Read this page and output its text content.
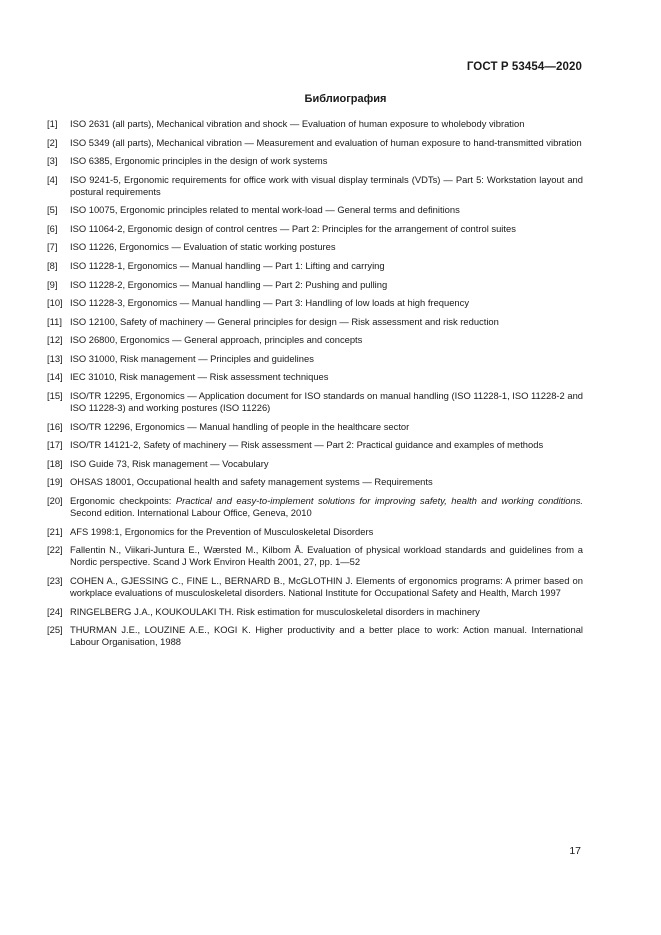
ГОСТ Р 53454—2020
Библиография
[1]	ISO 2631 (all parts), Mechanical vibration and shock — Evaluation of human exposure to wholebody vibration
[2]	ISO 5349 (all parts), Mechanical vibration — Measurement and evaluation of human exposure to hand-transmitted vibration
[3]	ISO 6385, Ergonomic principles in the design of work systems
[4]	ISO 9241-5, Ergonomic requirements for office work with visual display terminals (VDTs) — Part 5: Workstation layout and postural requirements
[5]	ISO 10075, Ergonomic principles related to mental work-load — General terms and definitions
[6]	ISO 11064-2, Ergonomic design of control centres — Part 2: Principles for the arrangement of control suites
[7]	ISO 11226, Ergonomics — Evaluation of static working postures
[8]	ISO 11228-1, Ergonomics — Manual handling — Part 1: Lifting and carrying
[9]	ISO 11228-2, Ergonomics — Manual handling — Part 2: Pushing and pulling
[10] ISO 11228-3, Ergonomics — Manual handling — Part 3: Handling of low loads at high frequency
[11] ISO 12100, Safety of machinery — General principles for design — Risk assessment and risk reduction
[12] ISO 26800, Ergonomics — General approach, principles and concepts
[13] ISO 31000, Risk management — Principles and guidelines
[14] IEC 31010, Risk management — Risk assessment techniques
[15] ISO/TR 12295, Ergonomics — Application document for ISO standards on manual handling (ISO 11228-1, ISO 11228-2 and ISO 11228-3) and working postures (ISO 11226)
[16] ISO/TR 12296, Ergonomics — Manual handling of people in the healthcare sector
[17] ISO/TR 14121-2, Safety of machinery — Risk assessment — Part 2: Practical guidance and examples of methods
[18] ISO Guide 73, Risk management — Vocabulary
[19] OHSAS 18001, Occupational health and safety management systems — Requirements
[20] Ergonomic checkpoints: Practical and easy-to-implement solutions for improving safety, health and working conditions. Second edition. International Labour Office, Geneva, 2010
[21] AFS 1998:1, Ergonomics for the Prevention of Musculoskeletal Disorders
[22] Fallentin N., Viikari-Juntura E., Wærsted M., Kilbom Å. Evaluation of physical workload standards and guidelines from a Nordic perspective. Scand J Work Environ Health 2001, 27, pp. 1—52
[23] COHEN A., GJESSING C., FINE L., BERNARD B., McGLOTHIN J. Elements of ergonomics programs: A primer based on workplace evaluations of musculoskeletal disorders. National Institute for Occupational Safety and Health, March 1997
[24] RINGELBERG J.A., KOUKOULAKI TH. Risk estimation for musculoskeletal disorders in machinery
[25] THURMAN J.E., LOUZINE A.E., KOGI K. Higher productivity and a better place to work: Action manual. International Labour Organisation, 1988
17
